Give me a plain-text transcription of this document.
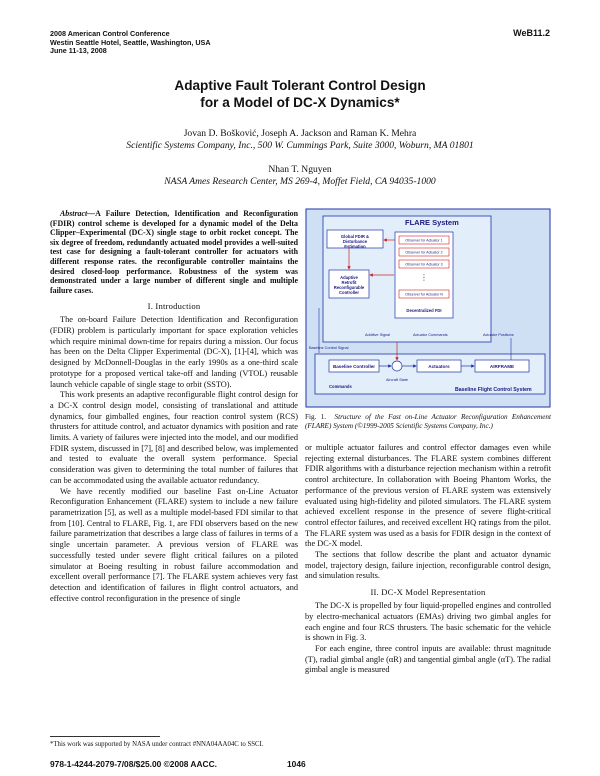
2008 American Control Conference
Westin Seattle Hotel, Seattle, Washington, USA
June 11-13, 2008
WeB11.2
Adaptive Fault Tolerant Control Design
for a Model of DC-X Dynamics*
Jovan D. Bošković, Joseph A. Jackson and Raman K. Mehra
Scientific Systems Company, Inc., 500 W. Cummings Park, Suite 3000, Woburn, MA 01801
Nhan T. Nguyen
NASA Ames Research Center, MS 269-4, Moffet Field, CA 94035-1000
Abstract—A Failure Detection, Identification and Reconfiguration (FDIR) control scheme is developed for a dynamic model of the Delta Clipper–Experimental (DC-X) single stage to orbit rocket concept. The six degree of freedom, redundantly actuated model provides a well-suited test case for designing a fault-tolerant controller for actuators with different response rates. the reconfigurable controller maintains the desired closed-loop performance. Robustness of the system was demonstrated under a large number of different single and multiple failure cases.
I. Introduction

The on-board Failure Detection Identification and Reconfiguration (FDIR) problem is particularly important for space exploration vehicles which require minimal down-time for repairs during a mission. Our focus has been on the Delta Clipper Experimental (DC-X), [1]-[4], which was designed by McDonnell-Douglas in the early 1990s as a one-third scale prototype for a proposed vertical take-off and landing (VTOL) reusable launch vehicle capable of single stage to orbit (SSTO).

This work presents an adaptive reconfigurable flight control design for a DC-X control design model, consisting of translational and attitude dynamics, four gimballed engines, four reaction control system (RCS) thrusters for attitude control, and actuator dynamics with position and rate limits. A variety of failures were injected into the model, and our modified FDIR system, discussed in [7], [8] and described below, was implemented and tested to evaluate the overall system performance. Special consideration was given to determining the total number of failures that can be accommodated using the available actuator redundancy.

We have recently modified our baseline Fast on-Line Actuator Reconfiguration Enhancement (FLARE) system to include a new failure parametrization [5], as well as a multiple model-based FDI similar to that from [10]. Central to FLARE, Fig. 1, are FDI observers based on the new failure parametrization that describes a large class of failures in terms of a single uncertain parameter. A previous version of FLARE was successfully tested under severe flight critical failures on a piloted simulator at Boeing resulting in robust failure accommodation and excellent overall performance [7]. The FLARE system achieves very fast detection and identification of failures in flight control actuators, and effective control reconfiguration in the presence of single

*This work was supported by NASA under contract #NNA04AA04C to SSCI.
FLARE System
Global FDIR & Disturbance Estimation
Adaptive Retrofit Reconfigurable Controller
Observer for Actuator 1
Observer for Actuator 2
Observer for Actuator 3
⋮
Observer for Actuator N
Decentralized FDI
Baseline Control Signal
Additive Signal	Actuator Commands	Actuator Positions
Baseline Controller	Actuators	AIRFRAME
Aircraft State
Commands
Baseline Flight Control System
Fig. 1. Structure of the Fast on-Line Actuator Reconfiguration Enhancement (FLARE) System (©1999-2005 Scientific Systems Company, Inc.)

or multiple actuator failures and control effector damages even while rejecting external disturbances. The FLARE system combines different FDIR algorithms with a disturbance rejection mechanism within a retrofit control architecture. In collaboration with Boeing Phantom Works, the performance of the previous version of FLARE system was extensively evaluated using high-fidelity and piloted simulators. The FLARE system achieved excellent response in the presence of severe flight-critical control effector failures, and received excellent HQ ratings from the pilot. The FLARE system was used as a basis for FDIR design in the context of the DC-X model.

The sections that follow describe the plant and actuator dynamic model, trajectory design, failure injection, reconfigurable control design, and simulation results.

II. DC-X Model Representation

The DC-X is propelled by four liquid-propelled engines and controlled by electro-mechanical actuators (EMAs) driving two gimbal angles for each engine and four RCS thrusters. The basic schematic for the vehicle is shown in Fig. 3.

For each engine, three control inputs are available: thrust magnitude (T), radial gimbal angle (αR) and tangential gimbal angle (αT). The radial gimbal angle is measured

978-1-4244-2079-7/08/$25.00 ©2008 AACC.	1046
